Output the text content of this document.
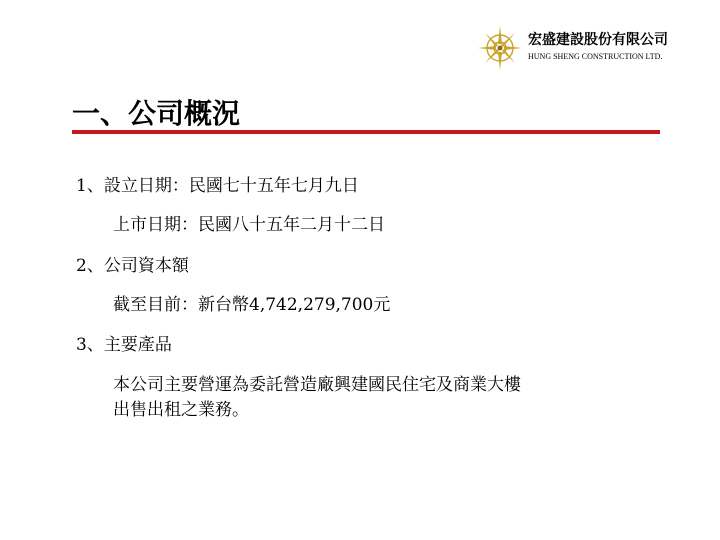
宏盛建設股份有限公司
HUNG SHENG CONSTRUCTION LTD.
一、公司概況
1、設立日期：民國七十五年七月九日
上市日期：民國八十五年二月十二日
2、公司資本額
截至目前：新台幣4,742,279,700元
3、主要產品
本公司主要營運為委託營造廠興建國民住宅及商業大樓
出售出租之業務。
